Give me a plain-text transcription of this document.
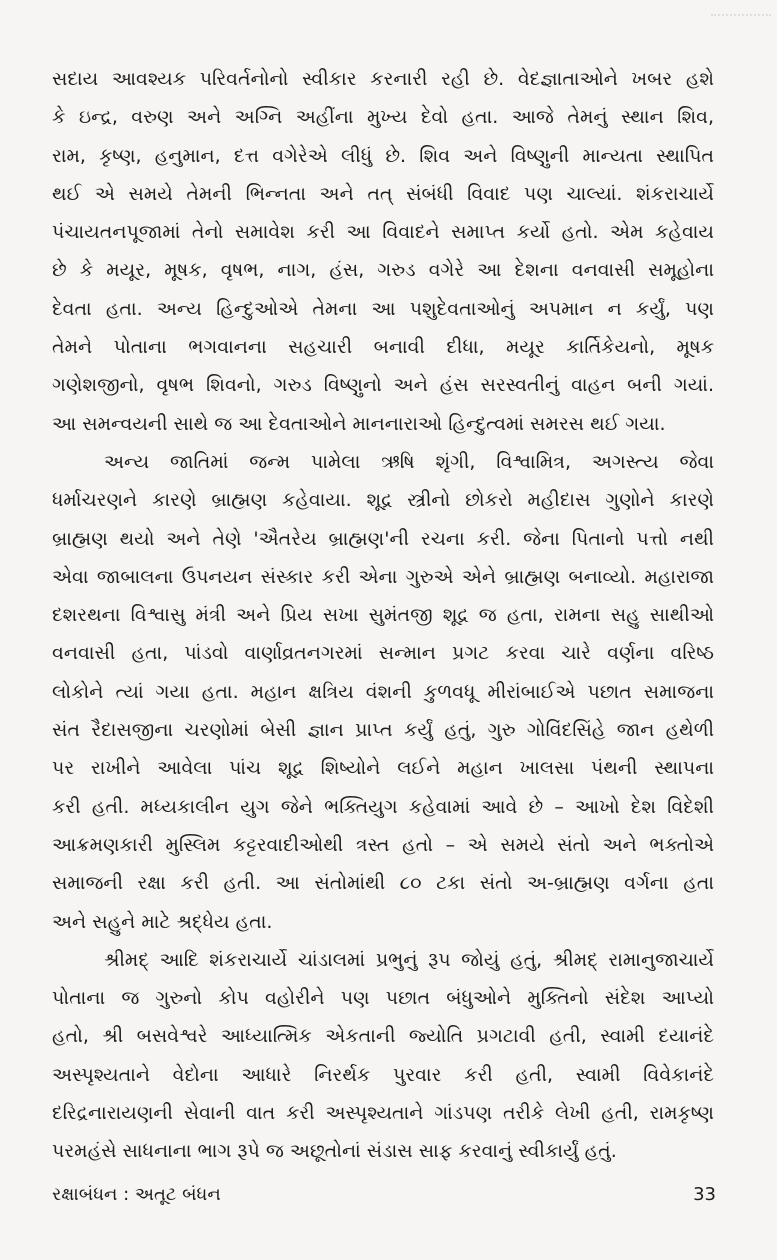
સદાય આવશ્યક પરિવર્તનોનો સ્વીકાર કરનારી રહી છે. વેદજ્ઞાતાઓને ખબર હશે
કે ઇન્દ્ર, વરુણ અને અગ્નિ અહીંના મુખ્ય દેવો હતા. આજે તેમનું સ્થાન શિવ,
રામ, કૃષ્ણ, હનુમાન, દત્ત વગેરેએ લીધું છે. શિવ અને વિષ્ણુની માન્યતા સ્થાપિત
થઈ એ સમયે તેમની ભિન્નતા અને તત્ સંબંધી વિવાદ પણ ચાલ્યાં. શંકરાચાર્યે
પંચાયતનપૂજામાં તેનો સમાવેશ કરી આ વિવાદને સમાપ્ત કર્યો હતો. એમ કહેવાય
છે કે મયૂર, મૂષક, વૃષભ, નાગ, હંસ, ગરુડ વગેરે આ દેશના વનવાસી સમૂહોના
દેવતા હતા. અન્ય હિન્દુઓએ તેમના આ પશુદેવતાઓનું અપમાન ન કર્યું, પણ
તેમને પોતાના ભગવાનના સહચારી બનાવી દીધા, મયૂર કાર્તિકેયનો, મૂષક
ગણેશજીનો, વૃષભ શિવનો, ગરુડ વિષ્ણુનો અને હંસ સરસ્વતીનું વાહન બની ગયાં.
આ સમન્વયની સાથે જ આ દેવતાઓને માનનારાઓ હિન્દુત્વમાં સમરસ થઈ ગયા.
અન્ય જાતિમાં જન્મ પામેલા ઋષિ શૃંગી, વિશ્વામિત્ર, અગસ્ત્ય જેવા
ધર્માચરણને કારણે બ્રાહ્મણ કહેવાયા. શૂદ્ર સ્ત્રીનો છોકરો મહીદાસ ગુણોને કારણે
બ્રાહ્મણ થયો અને તેણે 'ઐતરેય બ્રાહ્મણ'ની રચના કરી. જેના પિતાનો પત્તો નથી
એવા જાબાલના ઉપનયન સંસ્કાર કરી એના ગુરુએ એને બ્રાહ્મણ બનાવ્યો. મહારાજા
દશરથના વિશ્વાસુ મંત્રી અને પ્રિય સખા સુમંતજી શૂદ્ર જ હતા, રામના સહુ સાથીઓ
વનવાસી હતા, પાંડવો વાર્ણાવ્રતનગરમાં સન્માન પ્રગટ કરવા ચારે વર્ણના વરિષ્ઠ
લોકોને ત્યાં ગયા હતા. મહાન ક્ષત્રિય વંશની કુળવધૂ મીરાંબાઈએ પછાત સમાજના
સંત રૈદાસજીના ચરણોમાં બેસી જ્ઞાન પ્રાપ્ત કર્યું હતું, ગુરુ ગોવિંદસિંહે જાન હથેળી
પર રાખીને આવેલા પાંચ શૂદ્ર શિષ્યોને લઈને મહાન ખાલસા પંથની સ્થાપના
કરી હતી. મધ્યકાલીન યુગ જેને ભક્તિયુગ કહેવામાં આવે છે – આખો દેશ વિદેશી
આક્રમણકારી મુસ્લિમ કટ્ટરવાદીઓથી ત્રસ્ત હતો – એ સમયે સંતો અને ભક્તોએ
સમાજની રક્ષા કરી હતી. આ સંતોમાંથી ૮૦ ટકા સંતો અ-બ્રાહ્મણ વર્ગના હતા
અને સહુને માટે શ્રદ્ધેય હતા.
શ્રીમદ્ આદિ શંકરાચાર્યે ચાંડાલમાં પ્રભુનું રૂપ જોયું હતું, શ્રીમદ્ રામાનુજાચાર્યે
પોતાના જ ગુરુનો કોપ વહોરીને પણ પછાત બંધુઓને મુક્તિનો સંદેશ આપ્યો
હતો, શ્રી બસવેશ્વરે આધ્યાત્મિક એકતાની જ્યોતિ પ્રગટાવી હતી, સ્વામી દયાનંદે
અસ્પૃશ્યતાને વેદોના આધારે નિરર્થક પુરવાર કરી હતી, સ્વામી વિવેકાનંદે
દરિદ્રનારાયણની સેવાની વાત કરી અસ્પૃશ્યતાને ગાંડપણ તરીકે લેખી હતી, રામકૃષ્ણ
પરમહંસે સાધનાના ભાગ રૂપે જ અછૂતોનાં સંડાસ સાફ કરવાનું સ્વીકાર્યું હતું.
રક્ષાબંધન : અતૂટ બંધન	33
